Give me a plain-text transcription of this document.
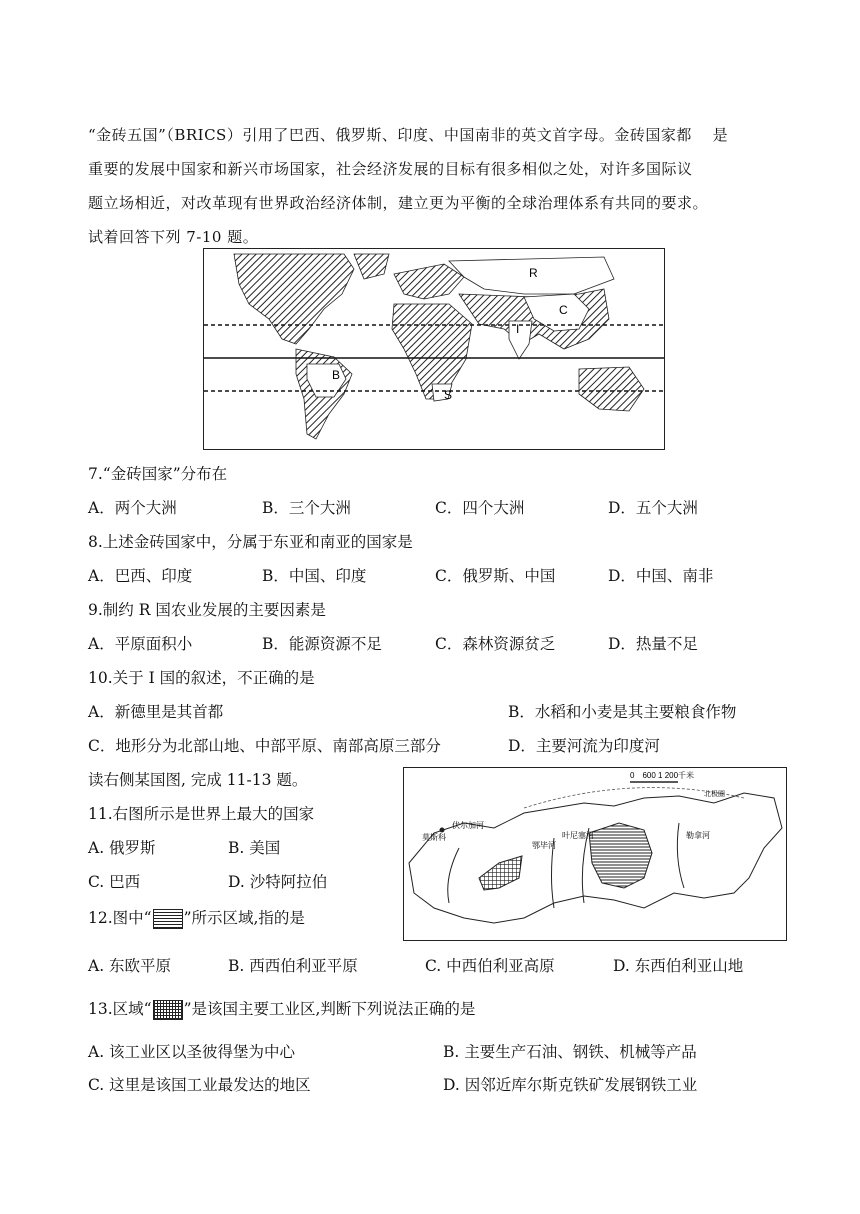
“金砖五国”（BRICS）引用了巴西、俄罗斯、印度、中国南非的英文首字母。金砖国家都　 是
重要的发展中国家和新兴市场国家，社会经济发展的目标有很多相似之处，对许多国际议
题立场相近，对改革现有世界政治经济体制，建立更为平衡的全球治理体系有共同的要求。
试着回答下列 7-10 题。
R
C
I
B
S
7.“金砖国家”分布在
A．两个大洲	B．三个大洲	C．四个大洲	D．五个大洲
8.上述金砖国家中，分属于东亚和南亚的国家是
A．巴西、印度	B．中国、印度	C．俄罗斯、中国	D．中国、南非
9.制约 R 国农业发展的主要因素是
A．平原面积小	B．能源资源不足	C．森林资源贫乏	D．热量不足
10.关于 I 国的叙述，不正确的是
A．新德里是其首都	B．水稻和小麦是其主要粮食作物
C．地形分为北部山地、中部平原、南部高原三部分	D．主要河流为印度河
读右侧某国图, 完成 11-13 题。
11.右图所示是世界上最大的国家
A. 俄罗斯	B. 美国
C. 巴西	D. 沙特阿拉伯
12.图中“ ”所示区域,指的是
A. 东欧平原	B. 西西伯利亚平原	C. 中西伯利亚高原	D. 东西伯利亚山地
13.区域“ ”是该国主要工业区,判断下列说法正确的是
A. 该工业区以圣彼得堡为中心	B. 主要生产石油、钢铁、机械等产品
C. 这里是该国工业最发达的地区	D. 因邻近库尔斯克铁矿发展钢铁工业
0　600 1 200千米
莫斯科
伏尔加河
叶尼塞河
鄂毕河
勒拿河
北极圈
